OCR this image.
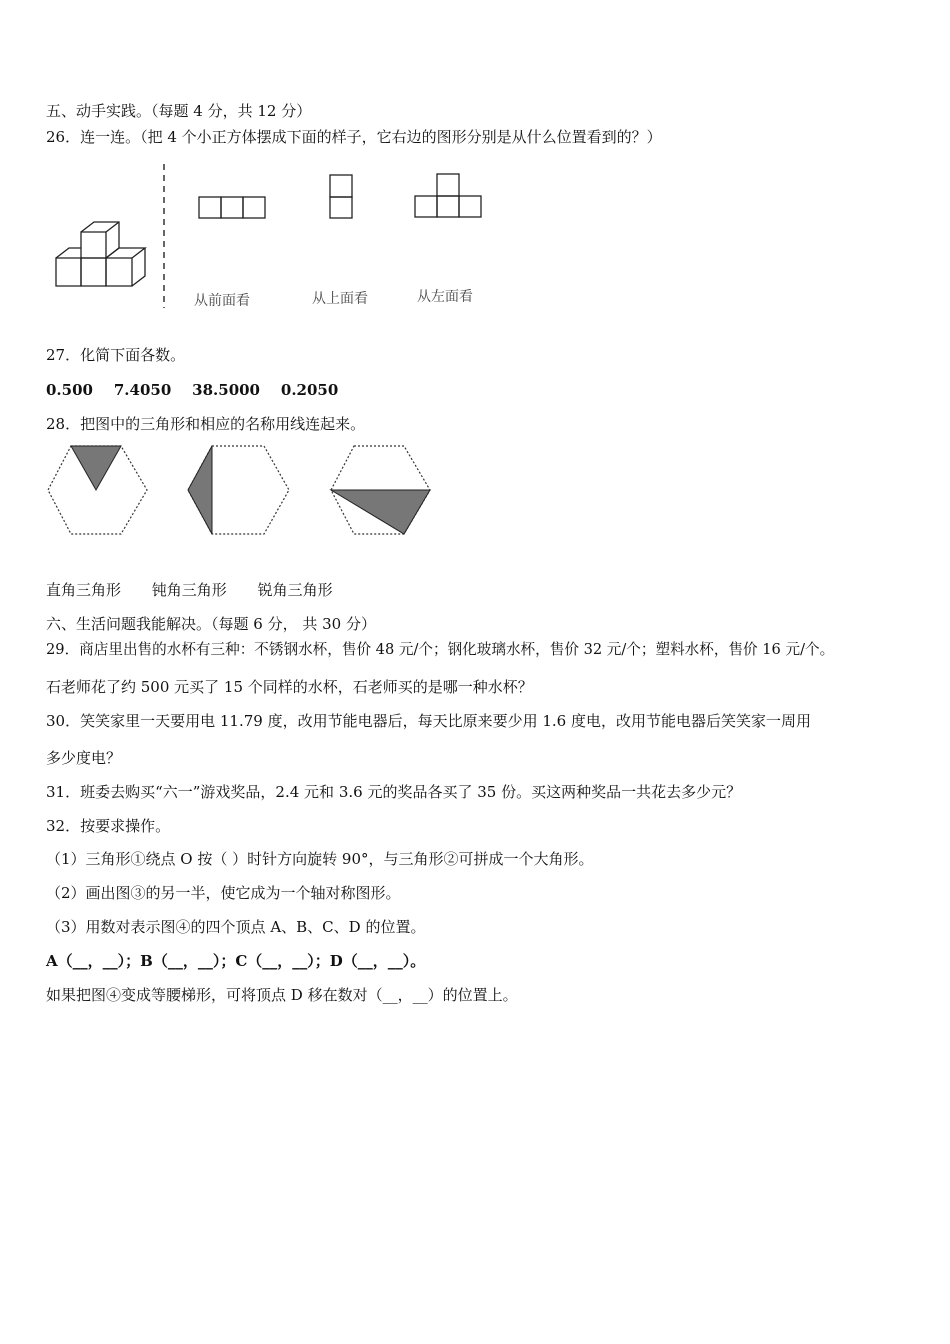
五、动手实践。（每题 4 分，共 12 分）
26．连一连。（把 4 个小正方体摆成下面的样子，它右边的图形分别是从什么位置看到的？）
从前面看	从上面看	从左面看
27．化简下面各数。
0.500    7.4050    38.5000    0.2050
28．把图中的三角形和相应的名称用线连起来。
直角三角形 钝角三角形 锐角三角形
六、生活问题我能解决。（每题 6 分， 共 30 分）
29．商店里出售的水杯有三种：不锈钢水杯，售价 48 元/个；钢化玻璃水杯，售价 32 元/个；塑料水杯，售价 16 元/个。
石老师花了约 500 元买了 15 个同样的水杯，石老师买的是哪一种水杯？
30．笑笑家里一天要用电 11.79 度，改用节能电器后，每天比原来要少用 1.6 度电，改用节能电器后笑笑家一周用
多少度电？
31．班委去购买“六一”游戏奖品，2.4 元和 3.6 元的奖品各买了 35 份。买这两种奖品一共花去多少元？
32．按要求操作。
（1）三角形①绕点 O 按（ ）时针方向旋转 90°，与三角形②可拼成一个大角形。
（2）画出图③的另一半，使它成为一个轴对称图形。
（3）用数对表示图④的四个顶点 A、B、C、D 的位置。
A（__，__）；B（__，__）；C（__，__）；D（__，__）。
如果把图④变成等腰梯形，可将顶点 D 移在数对（__，__）的位置上。
